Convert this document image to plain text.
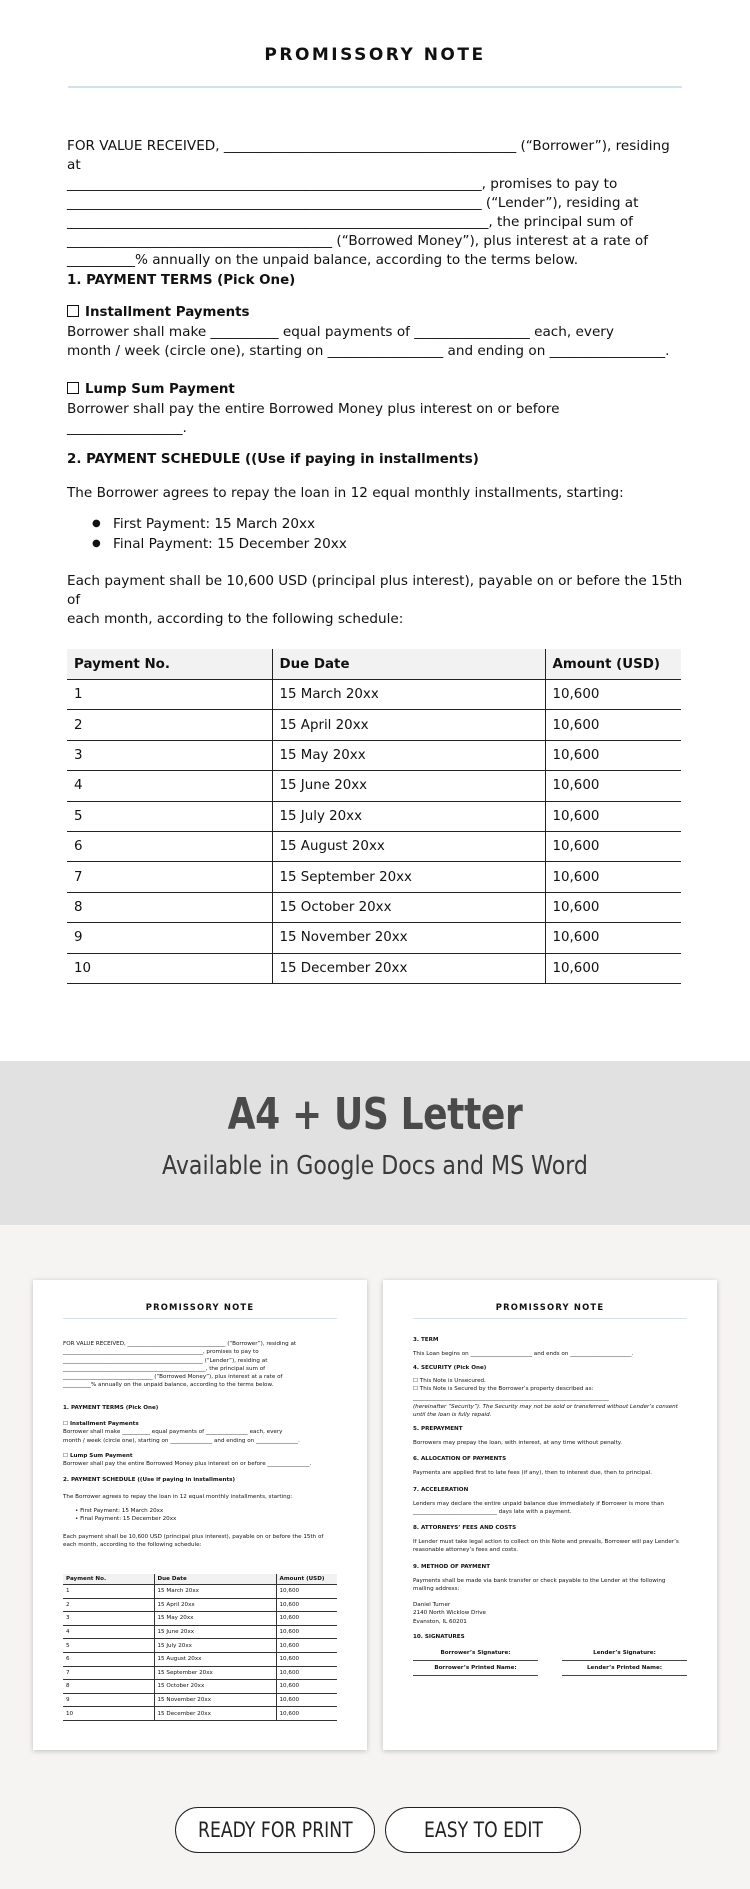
PROMISSORY NOTE
FOR VALUE RECEIVED, ___________________________________________ (“Borrower”), residing at
_____________________________________________________________, promises to pay to
_____________________________________________________________ (“Lender”), residing at
______________________________________________________________, the principal sum of
_______________________________________ (“Borrowed Money”), plus interest at a rate of
__________% annually on the unpaid balance, according to the terms below.
1. PAYMENT TERMS (Pick One)
Installment Payments
Borrower shall make __________ equal payments of _________________ each, every
month / week (circle one), starting on _________________ and ending on _________________.
Lump Sum Payment
Borrower shall pay the entire Borrowed Money plus interest on or before _________________.
2. PAYMENT SCHEDULE ((Use if paying in installments)
The Borrower agrees to repay the loan in 12 equal monthly installments, starting:
● First Payment: 15 March 20xx
● Final Payment: 15 December 20xx
Each payment shall be 10,600 USD (principal plus interest), payable on or before the 15th of
each month, according to the following schedule:
Payment No.	Due Date	Amount (USD)
1	15 March 20xx	10,600
2	15 April 20xx	10,600
3	15 May 20xx	10,600
4	15 June 20xx	10,600
5	15 July 20xx	10,600
6	15 August 20xx	10,600
7	15 September 20xx	10,600
8	15 October 20xx	10,600
9	15 November 20xx	10,600
10	15 December 20xx	10,600
A4 + US Letter
Available in Google Docs and MS Word
PROMISSORY NOTE
FOR VALUE RECEIVED, ___________________________________ (“Borrower”), residing at
__________________________________________________, promises to pay to
__________________________________________________ (“Lender”), residing at
___________________________________________________, the principal sum of
________________________________ (“Borrowed Money”), plus interest at a rate of
__________% annually on the unpaid balance, according to the terms below.
1. PAYMENT TERMS (Pick One)
☐ Installment Payments
Borrower shall make __________ equal payments of _______________ each, every
month / week (circle one), starting on _______________ and ending on _______________.
☐ Lump Sum Payment
Borrower shall pay the entire Borrowed Money plus interest on or before _______________.
2. PAYMENT SCHEDULE ((Use if paying in installments)
The Borrower agrees to repay the loan in 12 equal monthly installments, starting:
• First Payment: 15 March 20xx
• Final Payment: 15 December 20xx
Each payment shall be 10,600 USD (principal plus interest), payable on or before the 15th of
each month, according to the following schedule:
Payment No.	Due Date	Amount (USD)
1	15 March 20xx	10,600
2	15 April 20xx	10,600
3	15 May 20xx	10,600
4	15 June 20xx	10,600
5	15 July 20xx	10,600
6	15 August 20xx	10,600
7	15 September 20xx	10,600
8	15 October 20xx	10,600
9	15 November 20xx	10,600
10	15 December 20xx	10,600
PROMISSORY NOTE
3. TERM
This Loan begins on ______________________ and ends on ______________________.
4. SECURITY (Pick One)
☐ This Note is Unsecured.
☐ This Note is Secured by the Borrower’s property described as:
______________________________________________________________________
(hereinafter “Security”). The Security may not be sold or transferred without Lender’s consent
until the loan is fully repaid.
5. PREPAYMENT
Borrowers may prepay the loan, with interest, at any time without penalty.
6. ALLOCATION OF PAYMENTS
Payments are applied first to late fees (if any), then to interest due, then to principal.
7. ACCELERATION
Lenders may declare the entire unpaid balance due immediately if Borrower is more than
______________________________ days late with a payment.
8. ATTORNEYS’ FEES AND COSTS
If Lender must take legal action to collect on this Note and prevails, Borrower will pay Lender’s
reasonable attorney’s fees and costs.
9. METHOD OF PAYMENT
Payments shall be made via bank transfer or check payable to the Lender at the following
mailing address:
Daniel Turner
2140 North Wicklow Drive
Evanston, IL 60201
10. SIGNATURES
Borrower’s Signature:	Lender’s Signature:
Borrower’s Printed Name:	Lender’s Printed Name:
READY FOR PRINT	EASY TO EDIT
